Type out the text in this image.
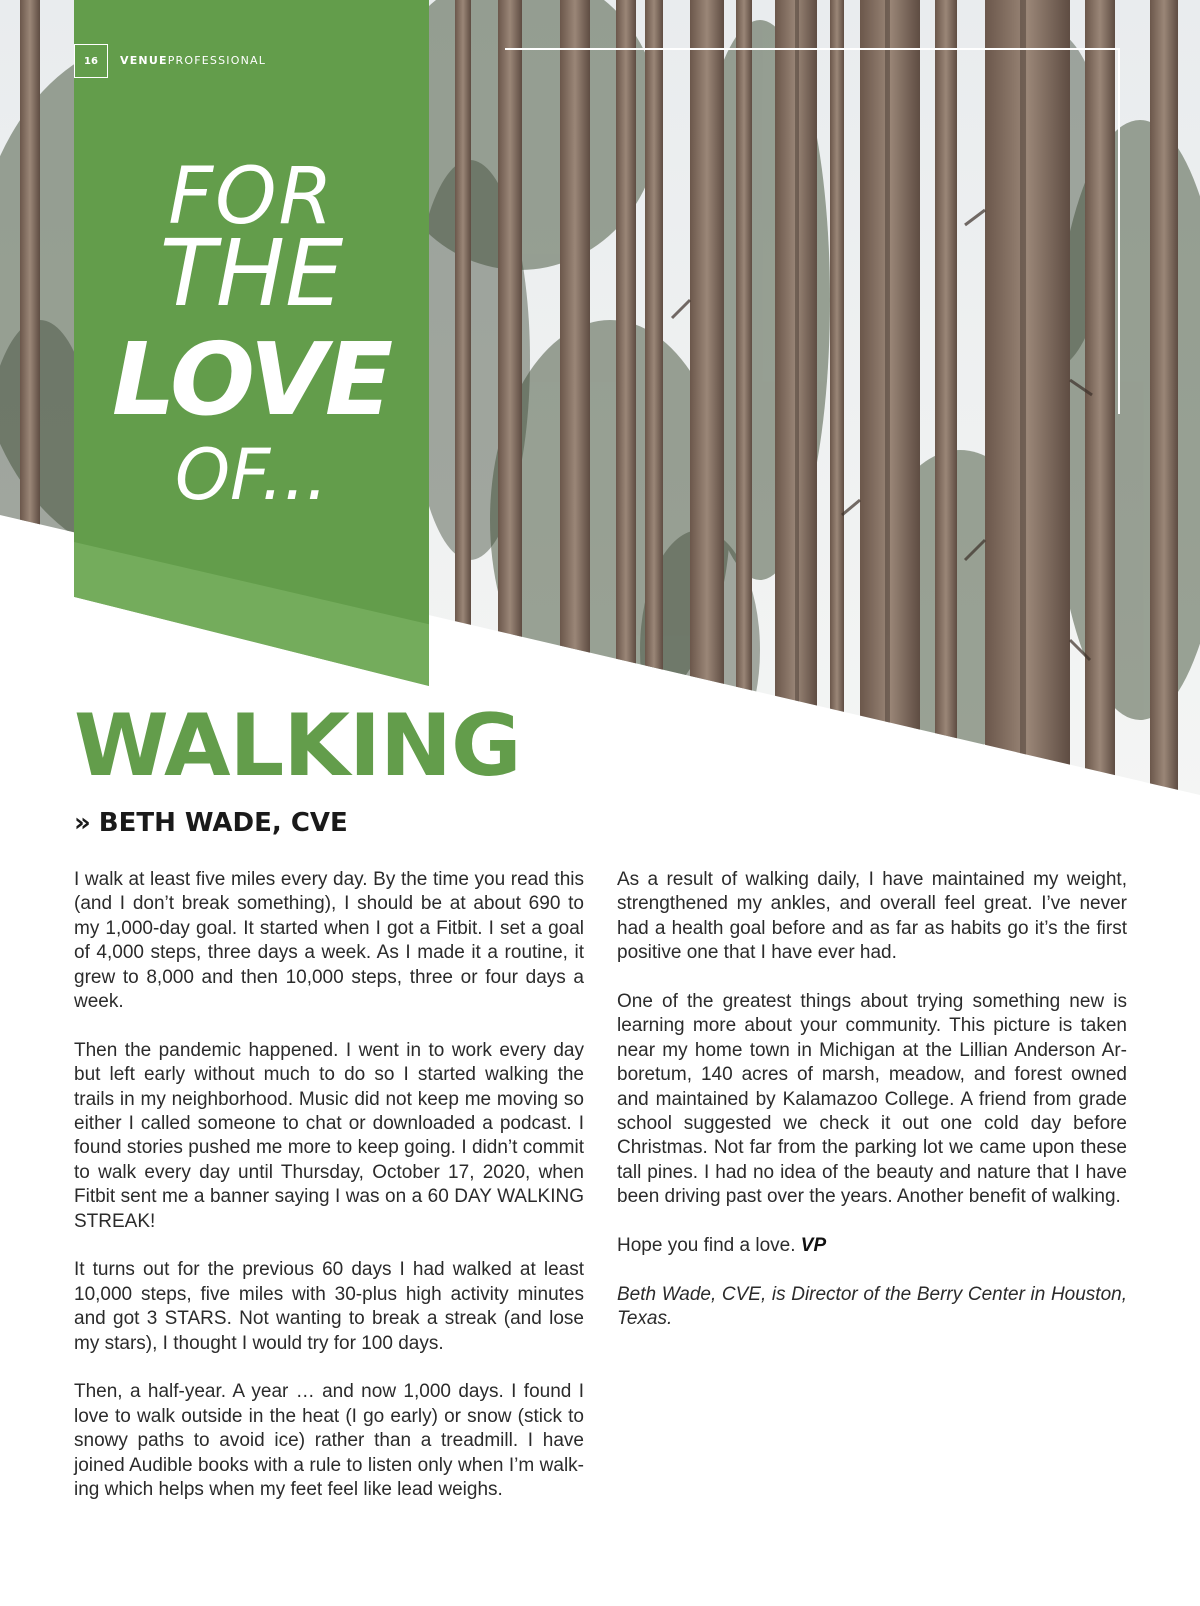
16	VENUEPROFESSIONAL
FOR
THE
LOVE
OF...
WALKING
» BETH WADE, CVE

I walk at least five miles every day. By the time you read this (and I don’t break something), I should be at about 690 to my 1,000-day goal. It started when I got a Fitbit. I set a goal of 4,000 steps, three days a week. As I made it a routine, it grew to 8,000 and then 10,000 steps, three or four days a week.

Then the pandemic happened. I went in to work every day but left early without much to do so I started walking the trails in my neighborhood. Music did not keep me moving so either I called someone to chat or downloaded a podcast. I found stories pushed me more to keep going. I didn’t commit to walk every day until Thursday, October 17, 2020, when Fitbit sent me a banner saying I was on a 60 DAY WALKING STREAK!

It turns out for the previous 60 days I had walked at least 10,000 steps, five miles with 30-plus high activity minutes and got 3 STARS. Not wanting to break a streak (and lose my stars), I thought I would try for 100 days.

Then, a half-year. A year … and now 1,000 days. I found I love to walk outside in the heat (I go early) or snow (stick to snowy paths to avoid ice) rather than a treadmill. I have joined Audible books with a rule to listen only when I’m walking which helps when my feet feel like lead weighs.

As a result of walking daily, I have maintained my weight, strengthened my ankles, and overall feel great. I’ve never had a health goal before and as far as habits go it’s the first positive one that I have ever had.

One of the greatest things about trying something new is learning more about your community. This picture is taken near my home town in Michigan at the Lillian Anderson Arboretum, 140 acres of marsh, meadow, and forest owned and maintained by Kalamazoo College. A friend from grade school suggested we check it out one cold day before Christmas. Not far from the parking lot we came upon these tall pines. I had no idea of the beauty and nature that I have been driving past over the years. Another benefit of walking.

Hope you find a love. VP

Beth Wade, CVE, is Director of the Berry Center in Houston, Texas.
